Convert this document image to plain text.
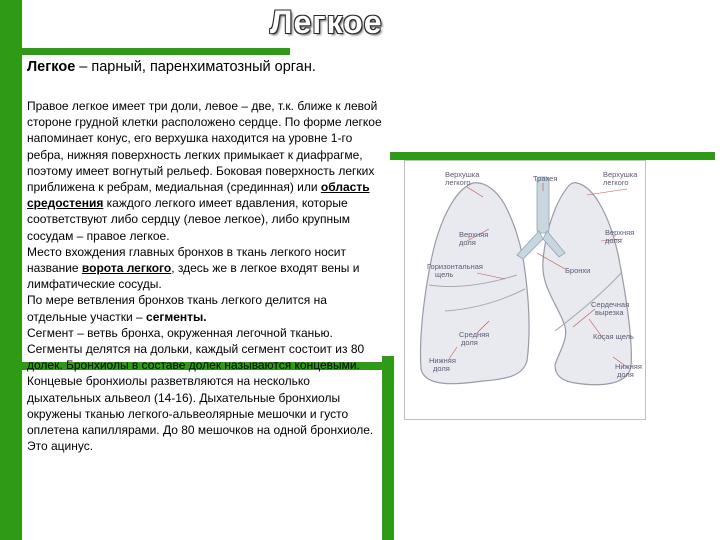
Легкое
Легкое – парный, паренхиматозный орган.
Правое легкое имеет три доли, левое – две, т.к. ближе к левой стороне грудной клетки расположено сердце. По форме легкое напоминает конус, его верхушка находится на уровне 1-го ребра, нижняя поверхность легких примыкает к диафрагме, поэтому имеет вогнутый рельеф. Боковая поверхность легких приближена к ребрам, медиальная (срединная) или область средостения каждого легкого имеет вдавления, которые соответствуют либо сердцу (левое легкое), либо крупным сосудам – правое легкое.
Место вхождения главных бронхов в ткань легкого носит название ворота легкого, здесь же в легкое входят вены и лимфатические сосуды.
По мере ветвления бронхов ткань легкого делится на отдельные участки – сегменты.
Сегмент – ветвь бронха, окруженная легочной тканью. Сегменты делятся на дольки, каждый сегмент состоит из 80 долек. Бронхиолы в составе долек называются концевыми. Концевые бронхиолы разветвляются на несколько дыхательных альвеол (14-16). Дыхательные бронхиолы окружены тканью легкого-альвеолярные мешочки и густо оплетена капиллярами. До 80 мешочков на одной бронхиоле. Это ацинус.
Верхушка
легкого	Трахея	Верхушка
легкого
Верхняя
доля
Верхняя
доля
Горизонтальная
щель	Бронхи
Сердечная
вырезка
Средняя
доля
Косая щель
Нижняя
доля	Нижняя
доля
